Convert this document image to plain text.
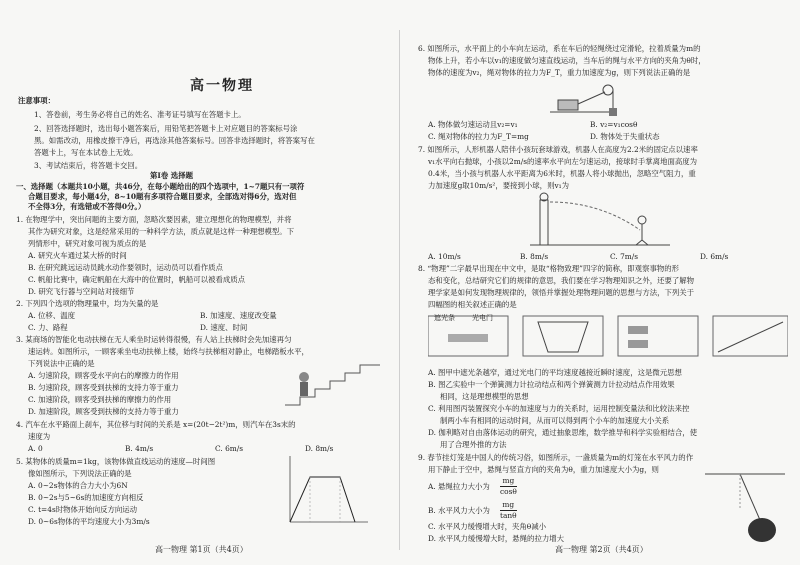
高一物理
注意事项：
1、答卷前，考生务必将自己的姓名、准考证号填写在答题卡上。
2、回答选择题时，选出每小题答案后，用铅笔把答题卡上对应题目的答案标号涂
黑。如需改动，用橡皮擦干净后，再选涂其他答案标号。回答非选择题时，将答案写在
答题卡上，写在本试卷上无效。
3、考试结束后，将答题卡交回。
第Ⅰ卷 选择题
一、选择题（本题共10小题，共46分，在每小题给出的四个选项中，1~7题只有一项符
合题目要求，每小题4分，8~10题有多项符合题目要求，全部选对得6分，选对但
不全得3分，有选错或不答得0分。）
1. 在物理学中，突出问题的主要方面，忽略次要因素，建立理想化的物理模型，并将
其作为研究对象，这是经常采用的一种科学方法，质点就是这样一种理想模型。下
列情形中，研究对象可视为质点的是
A. 研究火车通过某大桥的时间
B. 在研究跳远运动员跳水动作要领时，运动员可以看作质点
C. 帆船比赛中，确定帆船在大海中的位置时，帆船可以被看成质点
D. 研究飞行器与空间站对接细节
2. 下列四个选项的物理量中，均为矢量的是
A. 位移、温度	B. 加速度、速度改变量
C. 力、路程	D. 速度、时间
3. 某商场的智能化电动扶梯在无人乘坐时运转得很慢，有人站上扶梯时会先加速再匀
速运转。如图所示，一顾客乘坐电动扶梯上楼，始终与扶梯相对静止，电梯踏板水平，
下列说法中正确的是
A. 匀速阶段，顾客受水平向右的摩擦力的作用
B. 匀速阶段，顾客受到扶梯的支持力等于重力
C. 加速阶段，顾客受到扶梯的摩擦力的作用
D. 加速阶段，顾客受到扶梯的支持力等于重力
4. 汽车在水平路面上刹车，其位移与时间的关系是 x=(20t−2t²)m，则汽车在3s末的
速度为
A. 0	B. 4m/s	C. 6m/s	D. 8m/s
5. 某物体的质量m=1kg，该物体做直线运动的速度—时间图
像如图所示，下列说法正确的是
A. 0~2s物体的合力大小为6N
B. 0~2s与5~6s的加速度方向相反
C. t=4s时物体开始向反方向运动
D. 0~6s物体的平均速度大小为3m/s
高一物理 第1页（共4页）
6. 如图所示，水平面上的小车向左运动，系在车后的轻绳绕过定滑轮，拉着质量为m的
物体上升，若小车以v₁的速度做匀速直线运动，当车后的绳与水平方向的夹角为θ时，
物体的速度为v₂，绳对物体的拉力为F_T，重力加速度为g，则下列说法正确的是
A. 物体做匀速运动且v₂=v₁	B. v₂=v₁cosθ
C. 绳对物体的拉力为F_T=mg	D. 物体处于失重状态
7. 如图所示，人形机器人陪伴小孩玩套球游戏，机器人在高度为2.2米的固定点以速率
v₁水平向右抛球，小孩以2m/s的速率水平向左匀速运动，接球时手掌离地面高度为
0.4米，当小孩与机器人水平距离为6米时，机器人将小球抛出，忽略空气阻力，重
力加速度g取10m/s²，要接到小球，则v₁为
A. 10m/s	B. 8m/s	C. 7m/s	D. 6m/s
8. “物理”二字最早出现在中文中，是取“格物致理”四字的简称，即观察事物的形
态和变化，总结研究它们的规律的意思，我们要在学习物理知识之外，还要了解物
理学家是如何发现物理规律的，领悟并掌握处理物理问题的思想与方法，下列关于
四幅图的相关叙述正确的是
遮光条 光电门
A. 图甲中遮光条越窄，通过光电门的平均速度越接近瞬时速度，这是微元思想
B. 图乙实验中一个弹簧测力计拉动结点和两个弹簧测力计拉动结点作用效果
相同，这是理想模型的思想
C. 利用图丙装置探究小车的加速度与力的关系时，运用控制变量法和比较法来控
制两小车有相同的运动时间，从而可以得到两个小车的加速度大小关系
D. 伽利略对自由落体运动的研究，通过抽象思维，数学推导和科学实验相结合，使
用了合理外推的方法
9. 春节挂灯笼是中国人的传统习俗，如图所示，一盏质量为m的灯笼在水平风力的作
用下静止于空中，悬绳与竖直方向的夹角为θ，重力加速度大小为g，则
A. 悬绳拉力大小为 $\frac{mg}{\cos\theta}$
B. 水平风力大小为 $\frac{mg}{\tan\theta}$
C. 水平风力缓慢增大时，夹角θ减小
D. 水平风力缓慢增大时，悬绳的拉力增大
高一物理 第2页（共4页）
